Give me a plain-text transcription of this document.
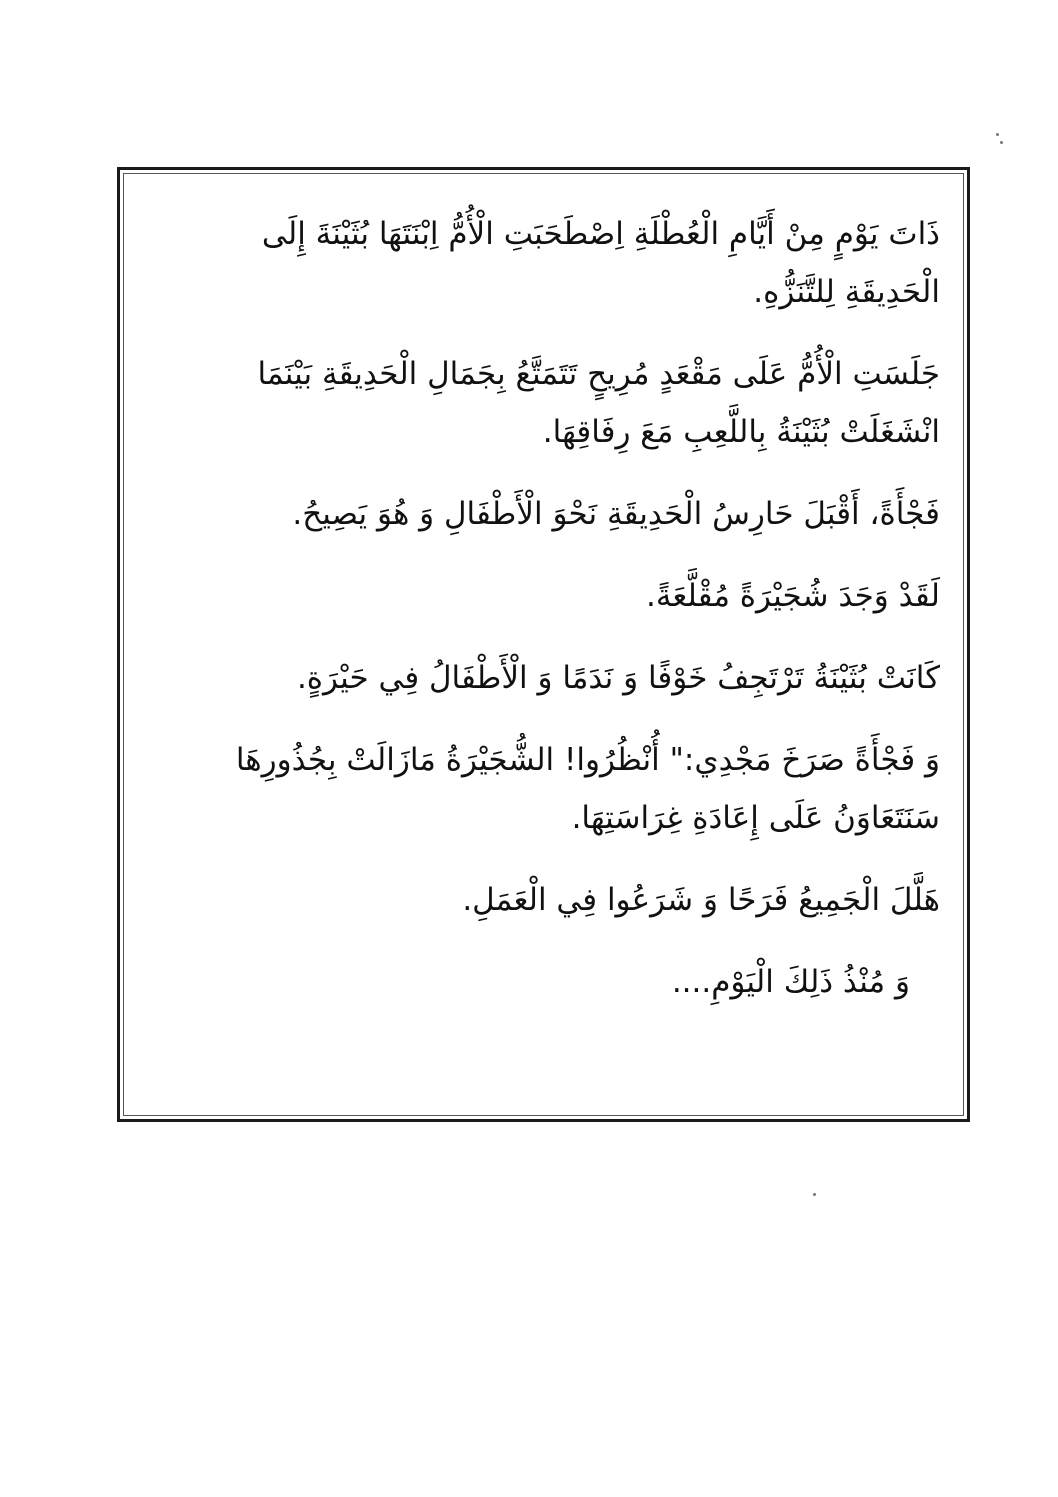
ذَاتَ يَوْمٍ مِنْ أَيَّامِ الْعُطْلَةِ اِصْطَحَبَتِ الْأُمُّ اِبْنَتَهَا بُثَيْنَةَ إِلَى الْحَدِيقَةِ لِلتَّنَزُّهِ.

جَلَسَتِ الْأُمُّ عَلَى مَقْعَدٍ مُرِيحٍ تَتَمَتَّعُ بِجَمَالِ الْحَدِيقَةِ بَيْنَمَا انْشَغَلَتْ بُثَيْنَةُ بِاللَّعِبِ مَعَ رِفَاقِهَا.

فَجْأَةً، أَقْبَلَ حَارِسُ الْحَدِيقَةِ نَحْوَ الْأَطْفَالِ وَ هُوَ يَصِيحُ.

لَقَدْ وَجَدَ شُجَيْرَةً مُقْلَّعَةً.

كَانَتْ بُثَيْنَةُ تَرْتَجِفُ خَوْفًا وَ نَدَمًا وَ الْأَطْفَالُ فِي حَيْرَةٍ.

وَ فَجْأَةً صَرَخَ مَجْدِي:" أُنْظُرُوا! الشُّجَيْرَةُ مَازَالَتْ بِجُذُورِهَا سَنَتَعَاوَنُ عَلَى إِعَادَةِ غِرَاسَتِهَا.

هَلَّلَ الْجَمِيعُ فَرَحًا وَ شَرَعُوا فِي الْعَمَلِ.

وَ مُنْذُ ذَلِكَ الْيَوْمِ....
